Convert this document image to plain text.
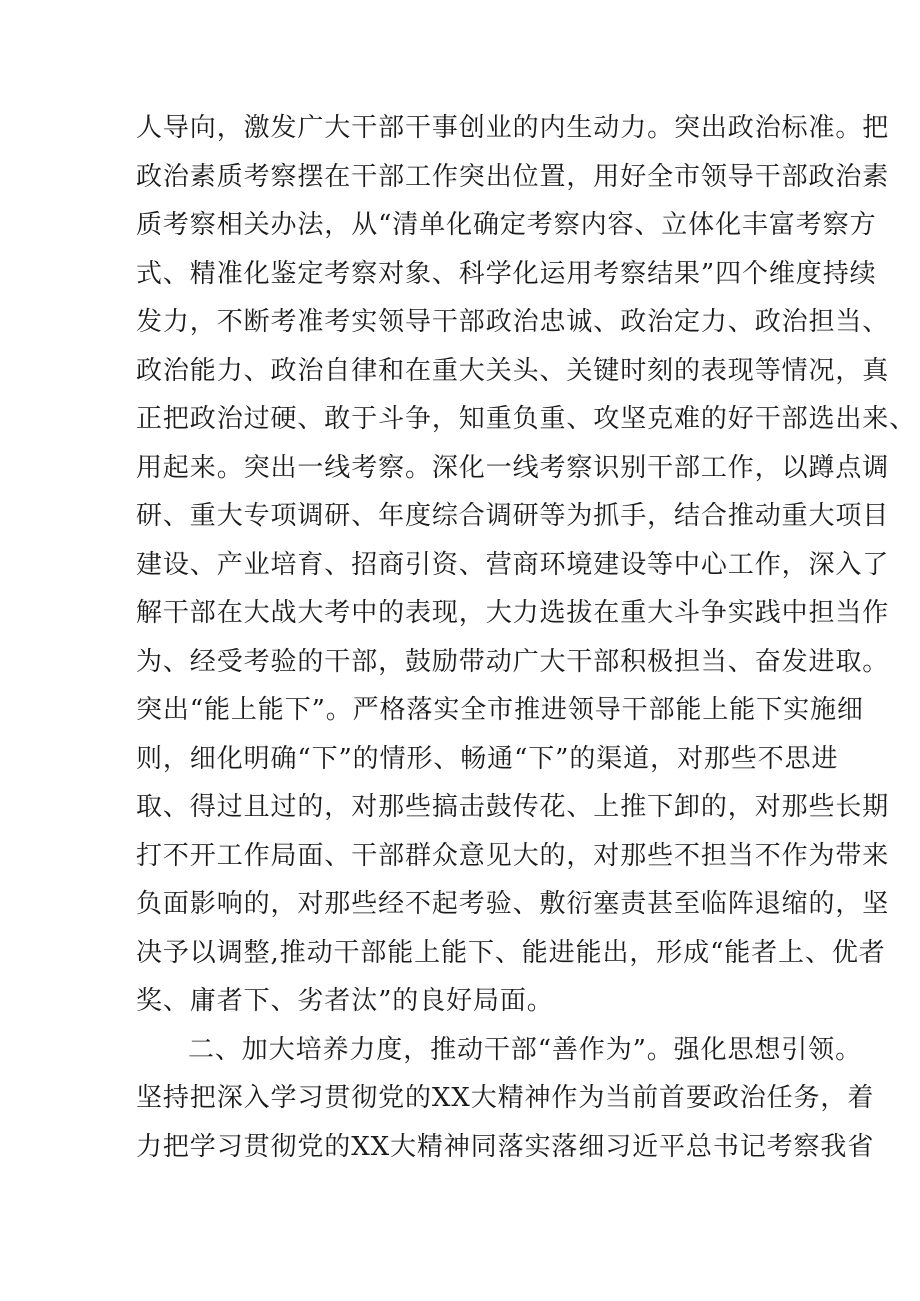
人导向，激发广大干部干事创业的内生动力。突出政治标准。把
政治素质考察摆在干部工作突出位置，用好全市领导干部政治素
质考察相关办法，从“清单化确定考察内容、立体化丰富考察方
式、精准化鉴定考察对象、科学化运用考察结果”四个维度持续
发力，不断考准考实领导干部政治忠诚、政治定力、政治担当、
政治能力、政治自律和在重大关头、关键时刻的表现等情况，真
正把政治过硬、敢于斗争，知重负重、攻坚克难的好干部选出来、
用起来。突出一线考察。深化一线考察识别干部工作，以蹲点调
研、重大专项调研、年度综合调研等为抓手，结合推动重大项目
建设、产业培育、招商引资、营商环境建设等中心工作，深入了
解干部在大战大考中的表现，大力选拔在重大斗争实践中担当作
为、经受考验的干部，鼓励带动广大干部积极担当、奋发进取。
突出“能上能下”。严格落实全市推进领导干部能上能下实施细
则，细化明确“下”的情形、畅通“下”的渠道，对那些不思进
取、得过且过的，对那些搞击鼓传花、上推下卸的，对那些长期
打不开工作局面、干部群众意见大的，对那些不担当不作为带来
负面影响的，对那些经不起考验、敷衍塞责甚至临阵退缩的，坚
决予以调整,推动干部能上能下、能进能出，形成“能者上、优者
奖、庸者下、劣者汰”的良好局面。
二、加大培养力度，推动干部“善作为”。强化思想引领。
坚持把深入学习贯彻党的XX大精神作为当前首要政治任务，着
力把学习贯彻党的XX大精神同落实落细习近平总书记考察我省
